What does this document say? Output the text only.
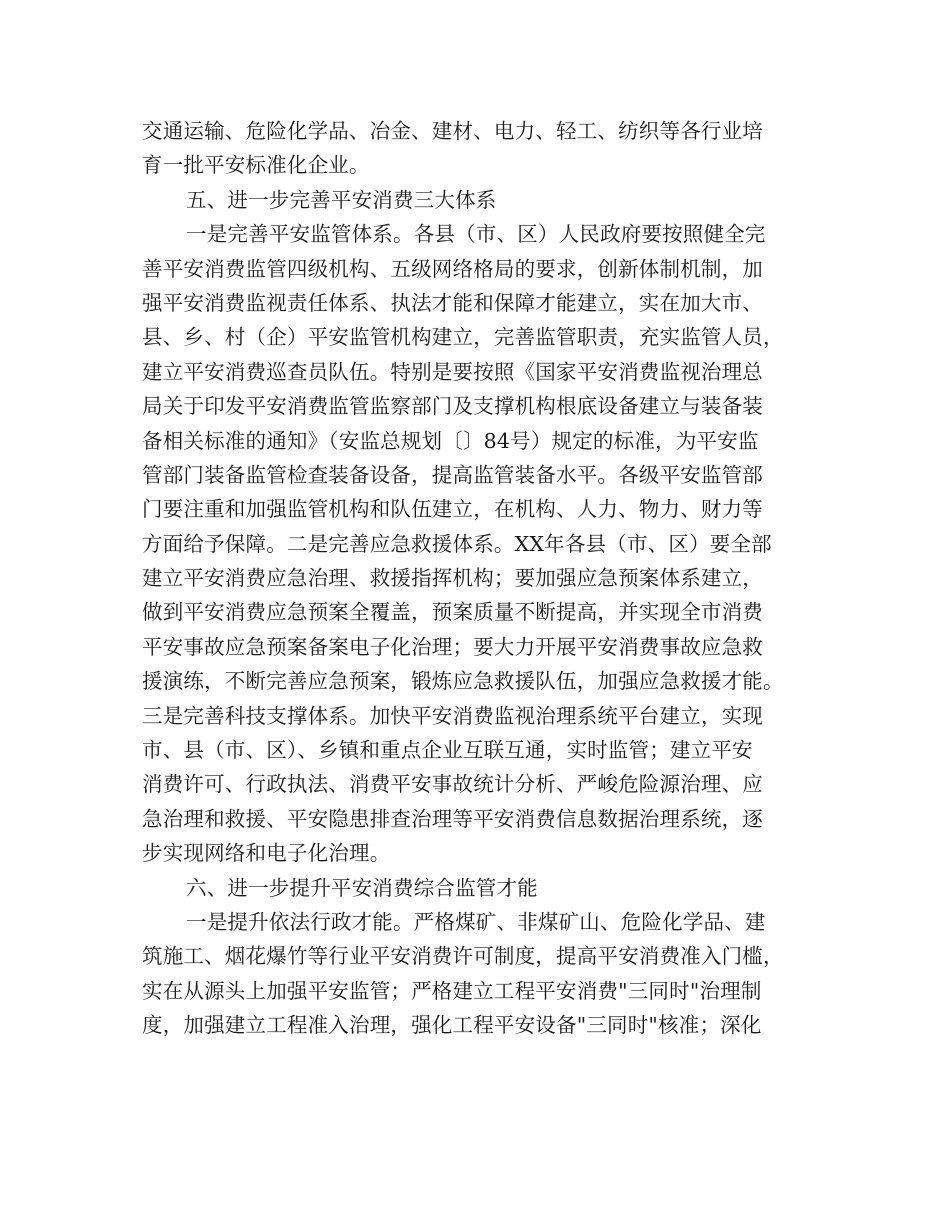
交通运输、危险化学品、冶金、建材、电力、轻工、纺织等各行业培
育一批平安标准化企业。
五、进一步完善平安消费三大体系
一是完善平安监管体系。各县（市、区）人民政府要按照健全完
善平安消费监管四级机构、五级网络格局的要求，创新体制机制，加
强平安消费监视责任体系、执法才能和保障才能建立，实在加大市、
县、乡、村（企）平安监管机构建立，完善监管职责，充实监管人员，
建立平安消费巡查员队伍。特别是要按照《国家平安消费监视治理总
局关于印发平安消费监管监察部门及支撑机构根底设备建立与装备装
备相关标准的通知》（安监总规划〔〕84号）规定的标准，为平安监
管部门装备监管检查装备设备，提高监管装备水平。各级平安监管部
门要注重和加强监管机构和队伍建立，在机构、人力、物力、财力等
方面给予保障。二是完善应急救援体系。XX年各县（市、区）要全部
建立平安消费应急治理、救援指挥机构；要加强应急预案体系建立，
做到平安消费应急预案全覆盖，预案质量不断提高，并实现全市消费
平安事故应急预案备案电子化治理；要大力开展平安消费事故应急救
援演练，不断完善应急预案，锻炼应急救援队伍，加强应急救援才能。
三是完善科技支撑体系。加快平安消费监视治理系统平台建立，实现
市、县（市、区）、乡镇和重点企业互联互通，实时监管；建立平安
消费许可、行政执法、消费平安事故统计分析、严峻危险源治理、应
急治理和救援、平安隐患排查治理等平安消费信息数据治理系统，逐
步实现网络和电子化治理。
六、进一步提升平安消费综合监管才能
一是提升依法行政才能。严格煤矿、非煤矿山、危险化学品、建
筑施工、烟花爆竹等行业平安消费许可制度，提高平安消费准入门槛，
实在从源头上加强平安监管；严格建立工程平安消费"三同时"治理制
度，加强建立工程准入治理，强化工程平安设备"三同时"核准；深化
